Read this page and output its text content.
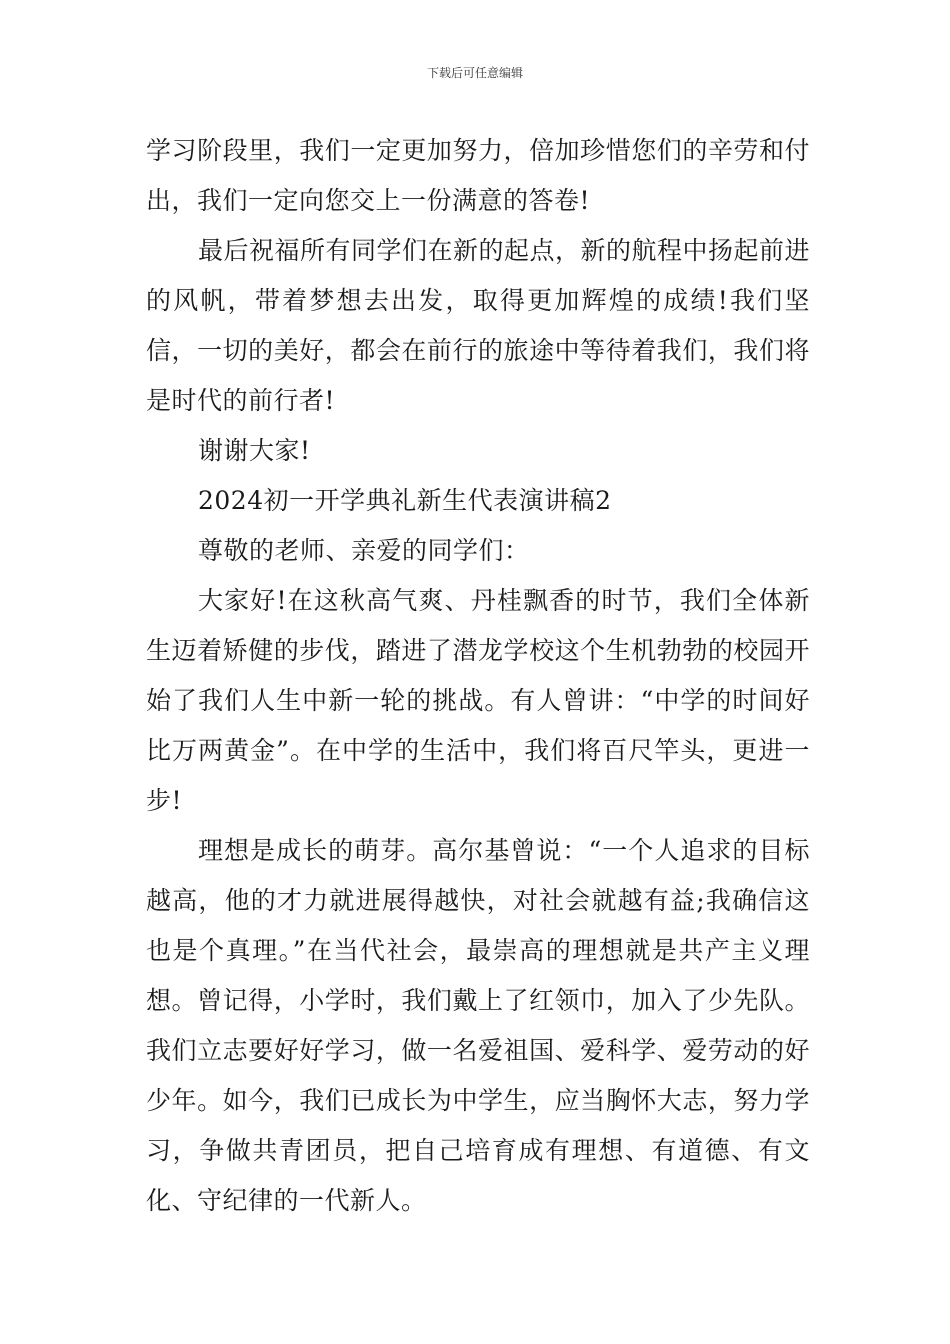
下载后可任意编辑

学习阶段里，我们一定更加努力，倍加珍惜您们的辛劳和付出，我们一定向您交上一份满意的答卷!

最后祝福所有同学们在新的起点，新的航程中扬起前进的风帆，带着梦想去出发，取得更加辉煌的成绩!我们坚信，一切的美好，都会在前行的旅途中等待着我们，我们将是时代的前行者!

谢谢大家!

2024初一开学典礼新生代表演讲稿2

尊敬的老师、亲爱的同学们：

大家好!在这秋高气爽、丹桂飘香的时节，我们全体新生迈着矫健的步伐，踏进了潜龙学校这个生机勃勃的校园开始了我们人生中新一轮的挑战。有人曾讲：“中学的时间好比万两黄金”。在中学的生活中，我们将百尺竿头，更进一步!

理想是成长的萌芽。高尔基曾说：“一个人追求的目标越高，他的才力就进展得越快，对社会就越有益;我确信这也是个真理。”在当代社会，最崇高的理想就是共产主义理想。曾记得，小学时，我们戴上了红领巾，加入了少先队。我们立志要好好学习，做一名爱祖国、爱科学、爱劳动的好少年。如今，我们已成长为中学生，应当胸怀大志，努力学习，争做共青团员，把自己培育成有理想、有道德、有文化、守纪律的一代新人。
